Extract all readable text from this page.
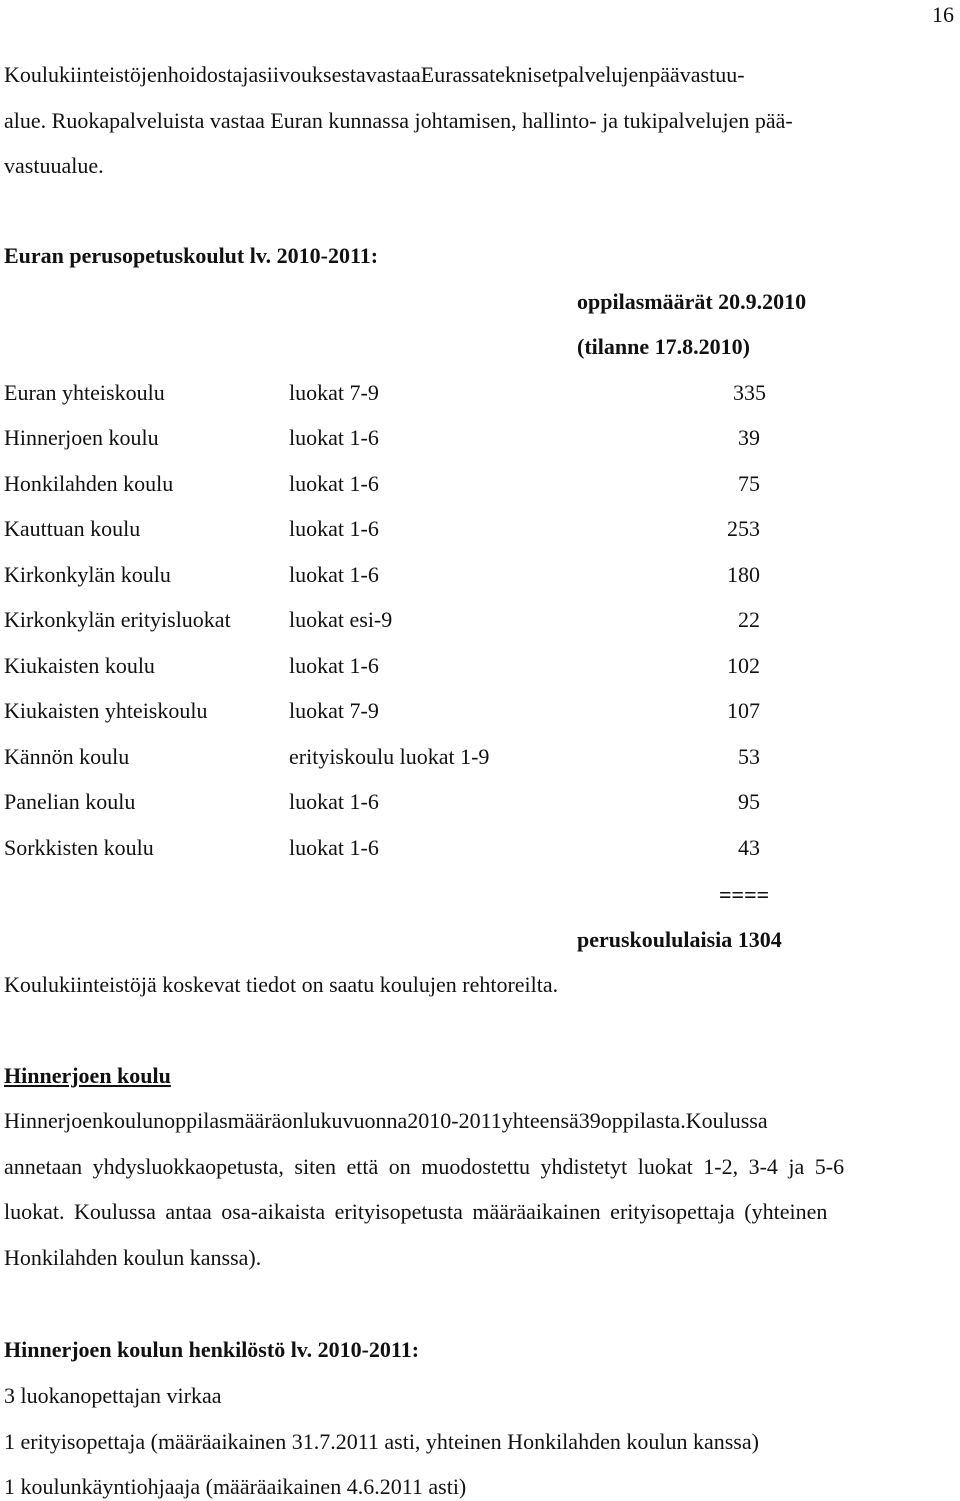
16
KoulukiinteistöjenhoidostajasiivouksestavastaaEurassateknisetpalvelujenpäävastuu-
alue. Ruokapalveluista vastaa Euran kunnassa johtamisen, hallinto- ja tukipalvelujen pää-
vastuualue.
Euran perusopetuskoulut lv. 2010-2011:
oppilasmäärät 20.9.2010
(tilanne 17.8.2010)
Euran yhteiskoulu	luokat 7-9	335
Hinnerjoen koulu	luokat 1-6	39
Honkilahden koulu	luokat 1-6	75
Kauttuan koulu	luokat 1-6	253
Kirkonkylän koulu	luokat 1-6	180
Kirkonkylän erityisluokat	luokat esi-9	22
Kiukaisten koulu	luokat 1-6	102
Kiukaisten yhteiskoulu	luokat 7-9	107
Kännön koulu	erityiskoulu luokat 1-9	53
Panelian koulu	luokat 1-6	95
Sorkkisten koulu	luokat 1-6	43
====
peruskoululaisia 1304
Koulukiinteistöjä koskevat tiedot on saatu koulujen rehtoreilta.
Hinnerjoen koulu
Hinnerjoenkoulunoppilasmääräonlukuvuonna2010-2011yhteensä39oppilasta.Koulussa
annetaan yhdysluokkaopetusta, siten että on muodostettu yhdistetyt luokat 1-2, 3-4 ja 5-6
luokat. Koulussa antaa osa-aikaista erityisopetusta määräaikainen erityisopettaja (yhteinen
Honkilahden koulun kanssa).
Hinnerjoen koulun henkilöstö lv. 2010-2011:
3 luokanopettajan virkaa
1 erityisopettaja (määräaikainen 31.7.2011 asti, yhteinen Honkilahden koulun kanssa)
1 koulunkäyntiohjaaja (määräaikainen 4.6.2011 asti)
